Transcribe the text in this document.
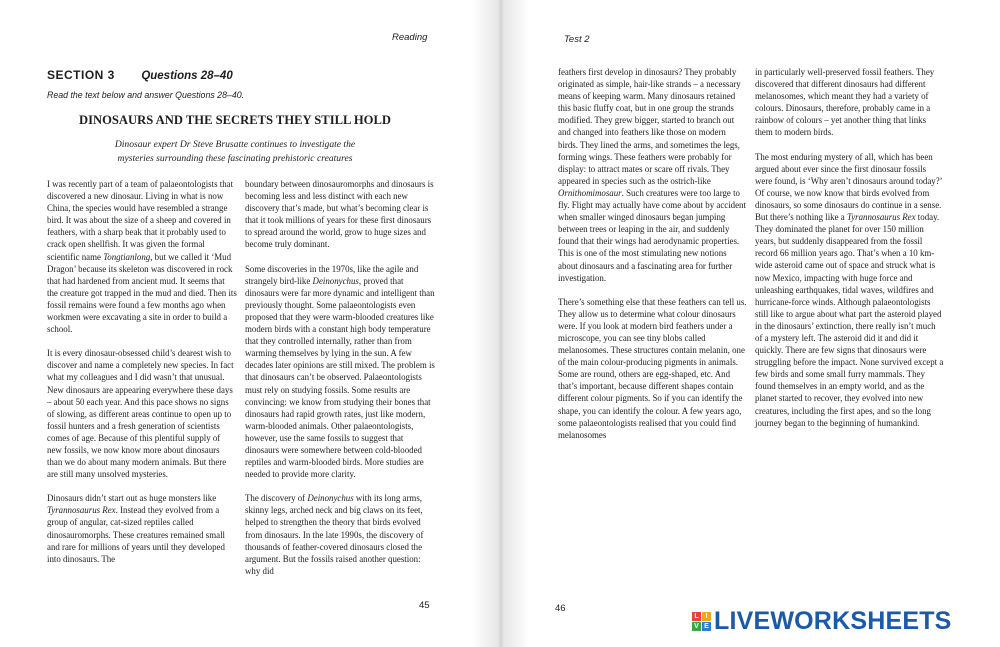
Reading	Test 2
SECTION 3 Questions 28–40
Read the text below and answer Questions 28–40.
DINOSAURS AND THE SECRETS THEY STILL HOLD
Dinosaur expert Dr Steve Brusatte continues to investigate the
mysteries surrounding these fascinating prehistoric creatures

I was recently part of a team of palaeontologists that discovered a new dinosaur. Living in what is now China, the species would have resembled a strange bird. It was about the size of a sheep and covered in feathers, with a sharp beak that it probably used to crack open shellfish. It was given the formal scientific name Tongtianlong, but we called it ‘Mud Dragon’ because its skeleton was discovered in rock that had hardened from ancient mud. It seems that the creature got trapped in the mud and died. Then its fossil remains were found a few months ago when workmen were excavating a site in order to build a school.

It is every dinosaur-obsessed child’s dearest wish to discover and name a completely new species. In fact what my colleagues and I did wasn’t that unusual. New dinosaurs are appearing everywhere these days – about 50 each year. And this pace shows no signs of slowing, as different areas continue to open up to fossil hunters and a fresh generation of scientists comes of age. Because of this plentiful supply of new fossils, we now know more about dinosaurs than we do about many modern animals. But there are still many unsolved mysteries.

Dinosaurs didn’t start out as huge monsters like Tyrannosaurus Rex. Instead they evolved from a group of angular, cat-sized reptiles called dinosauromorphs. These creatures remained small and rare for millions of years until they developed into dinosaurs. The

boundary between dinosauromorphs and dinosaurs is becoming less and less distinct with each new discovery that’s made, but what’s becoming clear is that it took millions of years for these first dinosaurs to spread around the world, grow to huge sizes and become truly dominant.

Some discoveries in the 1970s, like the agile and strangely bird-like Deinonychus, proved that dinosaurs were far more dynamic and intelligent than previously thought. Some palaeontologists even proposed that they were warm-blooded creatures like modern birds with a constant high body temperature that they controlled internally, rather than from warming themselves by lying in the sun. A few decades later opinions are still mixed. The problem is that dinosaurs can’t be observed. Palaeontologists must rely on studying fossils. Some results are convincing: we know from studying their bones that dinosaurs had rapid growth rates, just like modern, warm-blooded animals. Other palaeontologists, however, use the same fossils to suggest that dinosaurs were somewhere between cold-blooded reptiles and warm-blooded birds. More studies are needed to provide more clarity.

The discovery of Deinonychus with its long arms, skinny legs, arched neck and big claws on its feet, helped to strengthen the theory that birds evolved from dinosaurs. In the late 1990s, the discovery of thousands of feather-covered dinosaurs closed the argument. But the fossils raised another question: why did

feathers first develop in dinosaurs? They probably originated as simple, hair-like strands – a necessary means of keeping warm. Many dinosaurs retained this basic fluffy coat, but in one group the strands modified. They grew bigger, started to branch out and changed into feathers like those on modern birds. They lined the arms, and sometimes the legs, forming wings. These feathers were probably for display: to attract mates or scare off rivals. They appeared in species such as the ostrich-like Ornithomimosaur. Such creatures were too large to fly. Flight may actually have come about by accident when smaller winged dinosaurs began jumping between trees or leaping in the air, and suddenly found that their wings had aerodynamic properties. This is one of the most stimulating new notions about dinosaurs and a fascinating area for further investigation.

There’s something else that these feathers can tell us. They allow us to determine what colour dinosaurs were. If you look at modern bird feathers under a microscope, you can see tiny blobs called melanosomes. These structures contain melanin, one of the main colour-producing pigments in animals. Some are round, others are egg-shaped, etc. And that’s important, because different shapes contain different colour pigments. So if you can identify the shape, you can identify the colour. A few years ago, some palaeontologists realised that you could find melanosomes

in particularly well-preserved fossil feathers. They discovered that different dinosaurs had different melanosomes, which meant they had a variety of colours. Dinosaurs, therefore, probably came in a rainbow of colours – yet another thing that links them to modern birds.

The most enduring mystery of all, which has been argued about ever since the first dinosaur fossils were found, is ‘Why aren’t dinosaurs around today?’ Of course, we now know that birds evolved from dinosaurs, so some dinosaurs do continue in a sense. But there’s nothing like a Tyrannosaurus Rex today. They dominated the planet for over 150 million years, but suddenly disappeared from the fossil record 66 million years ago. That’s when a 10 km-wide asteroid came out of space and struck what is now Mexico, impacting with huge force and unleashing earthquakes, tidal waves, wildfires and hurricane-force winds. Although palaeontologists still like to argue about what part the asteroid played in the dinosaurs’ extinction, there really isn’t much of a mystery left. The asteroid did it and did it quickly. There are few signs that dinosaurs were struggling before the impact. None survived except a few birds and some small furry mammals. They found themselves in an empty world, and as the planet started to recover, they evolved into new creatures, including the first apes, and so the long journey began to the beginning of humankind.

45	46
L I
V E LIVEWORKSHEETS
